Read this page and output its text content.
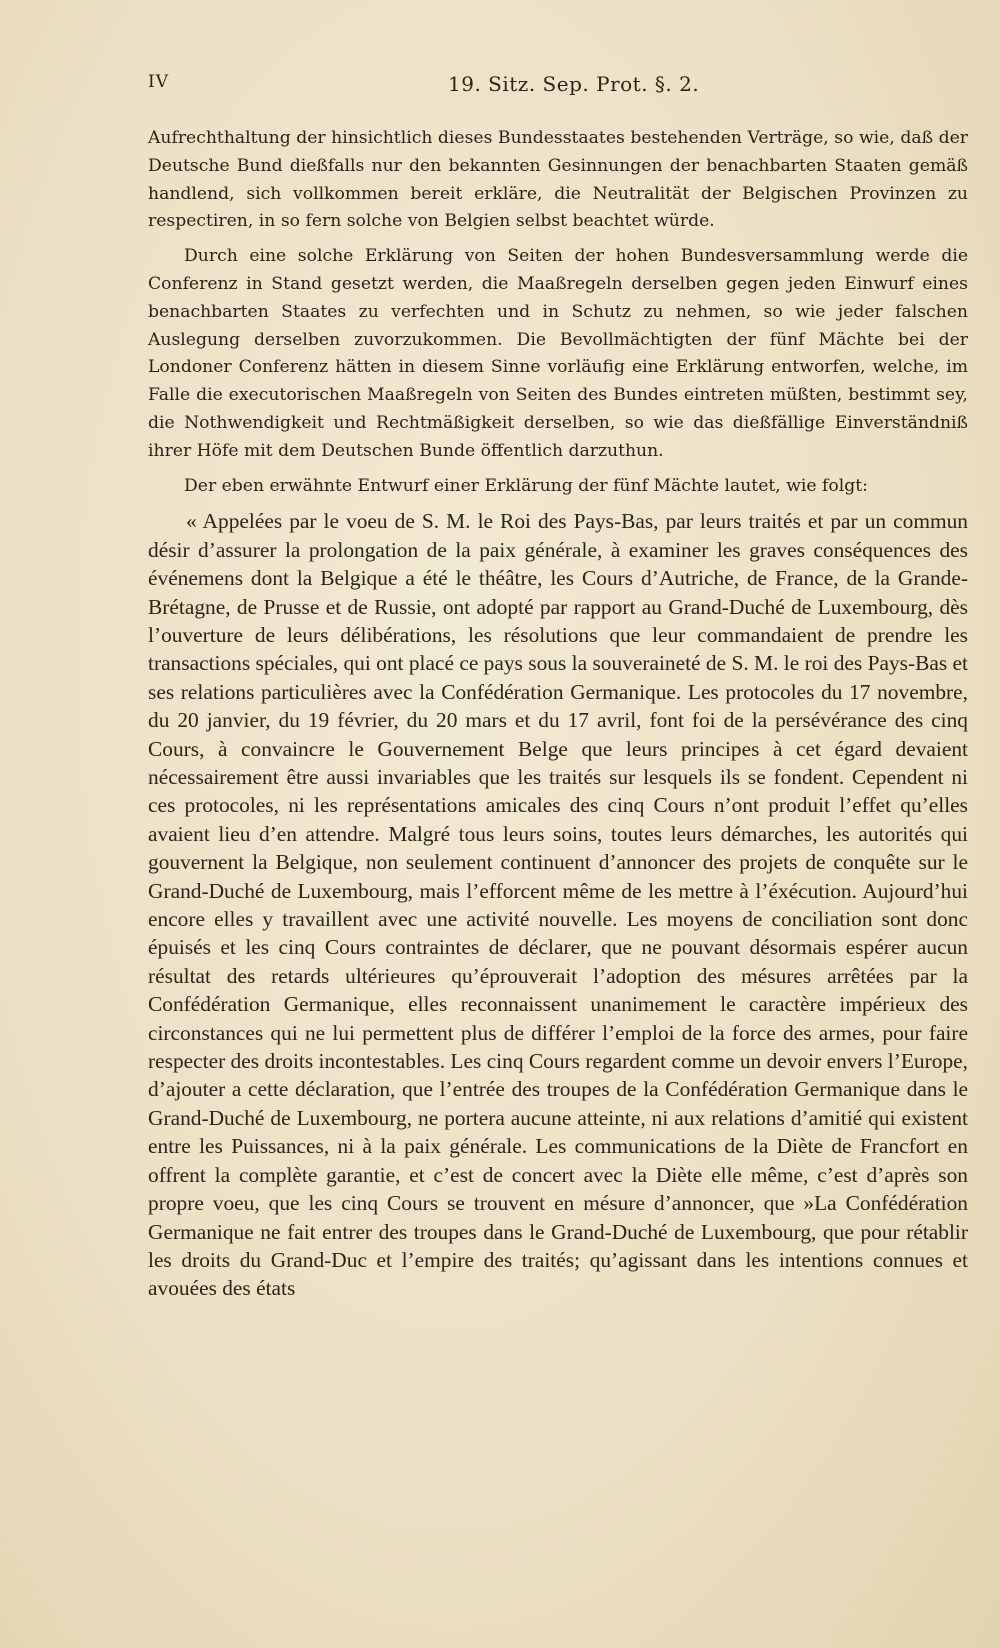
IV	19. Sitz. Sep. Prot. §. 2.

Aufrechthaltung der hinsichtlich dieses Bundesstaates bestehenden Verträge, so wie, daß der Deutsche Bund dießfalls nur den bekannten Gesinnungen der benachbarten Staaten gemäß handlend, sich vollkommen bereit erkläre, die Neutralität der Belgischen Provinzen zu respectiren, in so fern solche von Belgien selbst beachtet würde.

Durch eine solche Erklärung von Seiten der hohen Bundesversammlung werde die Conferenz in Stand gesetzt werden, die Maaßregeln derselben gegen jeden Einwurf eines benachbarten Staates zu verfechten und in Schutz zu nehmen, so wie jeder falschen Auslegung derselben zuvorzukommen. Die Bevollmächtigten der fünf Mächte bei der Londoner Conferenz hätten in diesem Sinne vorläufig eine Erklärung entworfen, welche, im Falle die executorischen Maaßregeln von Seiten des Bundes eintreten müßten, bestimmt sey, die Nothwendigkeit und Rechtmäßigkeit derselben, so wie das dießfällige Einverständniß ihrer Höfe mit dem Deutschen Bunde öffentlich darzuthun.

Der eben erwähnte Entwurf einer Erklärung der fünf Mächte lautet, wie folgt:

« Appelées par le voeu de S. M. le Roi des Pays-Bas, par leurs traités et par un commun désir d’assurer la prolongation de la paix générale, à examiner les graves conséquences des événemens dont la Belgique a été le théâtre, les Cours d’Autriche, de France, de la Grande-Brétagne, de Prusse et de Russie, ont adopté par rapport au Grand-Duché de Luxembourg, dès l’ouverture de leurs délibérations, les résolutions que leur commandaient de prendre les transactions spéciales, qui ont placé ce pays sous la souveraineté de S. M. le roi des Pays-Bas et ses relations particulières avec la Confédération Germanique. Les protocoles du 17 novembre, du 20 janvier, du 19 février, du 20 mars et du 17 avril, font foi de la persévérance des cinq Cours, à convaincre le Gouvernement Belge que leurs principes à cet égard devaient nécessairement être aussi invariables que les traités sur lesquels ils se fondent. Cependent ni ces protocoles, ni les représentations amicales des cinq Cours n’ont produit l’effet qu’elles avaient lieu d’en attendre. Malgré tous leurs soins, toutes leurs démarches, les autorités qui gouvernent la Belgique, non seulement continuent d’annoncer des projets de conquête sur le Grand-Duché de Luxembourg, mais l’efforcent même de les mettre à l’éxécution. Aujourd’hui encore elles y travaillent avec une activité nouvelle. Les moyens de conciliation sont donc épuisés et les cinq Cours contraintes de déclarer, que ne pouvant désormais espérer aucun résultat des retards ultérieures qu’éprouverait l’adoption des mésures arrêtées par la Confédération Germanique, elles reconnaissent unanimement le caractère impérieux des circonstances qui ne lui permettent plus de différer l’emploi de la force des armes, pour faire respecter des droits incontestables. Les cinq Cours regardent comme un devoir envers l’Europe, d’ajouter a cette déclaration, que l’entrée des troupes de la Confédération Germanique dans le Grand-Duché de Luxembourg, ne portera aucune atteinte, ni aux relations d’amitié qui existent entre les Puissances, ni à la paix générale. Les communications de la Diète de Francfort en offrent la complète garantie, et c’est de concert avec la Diète elle même, c’est d’après son propre voeu, que les cinq Cours se trouvent en mésure d’annoncer, que »La Confédération Germanique ne fait entrer des troupes dans le Grand-Duché de Luxembourg, que pour rétablir les droits du Grand-Duc et l’empire des traités; qu’agissant dans les intentions connues et avouées des états
